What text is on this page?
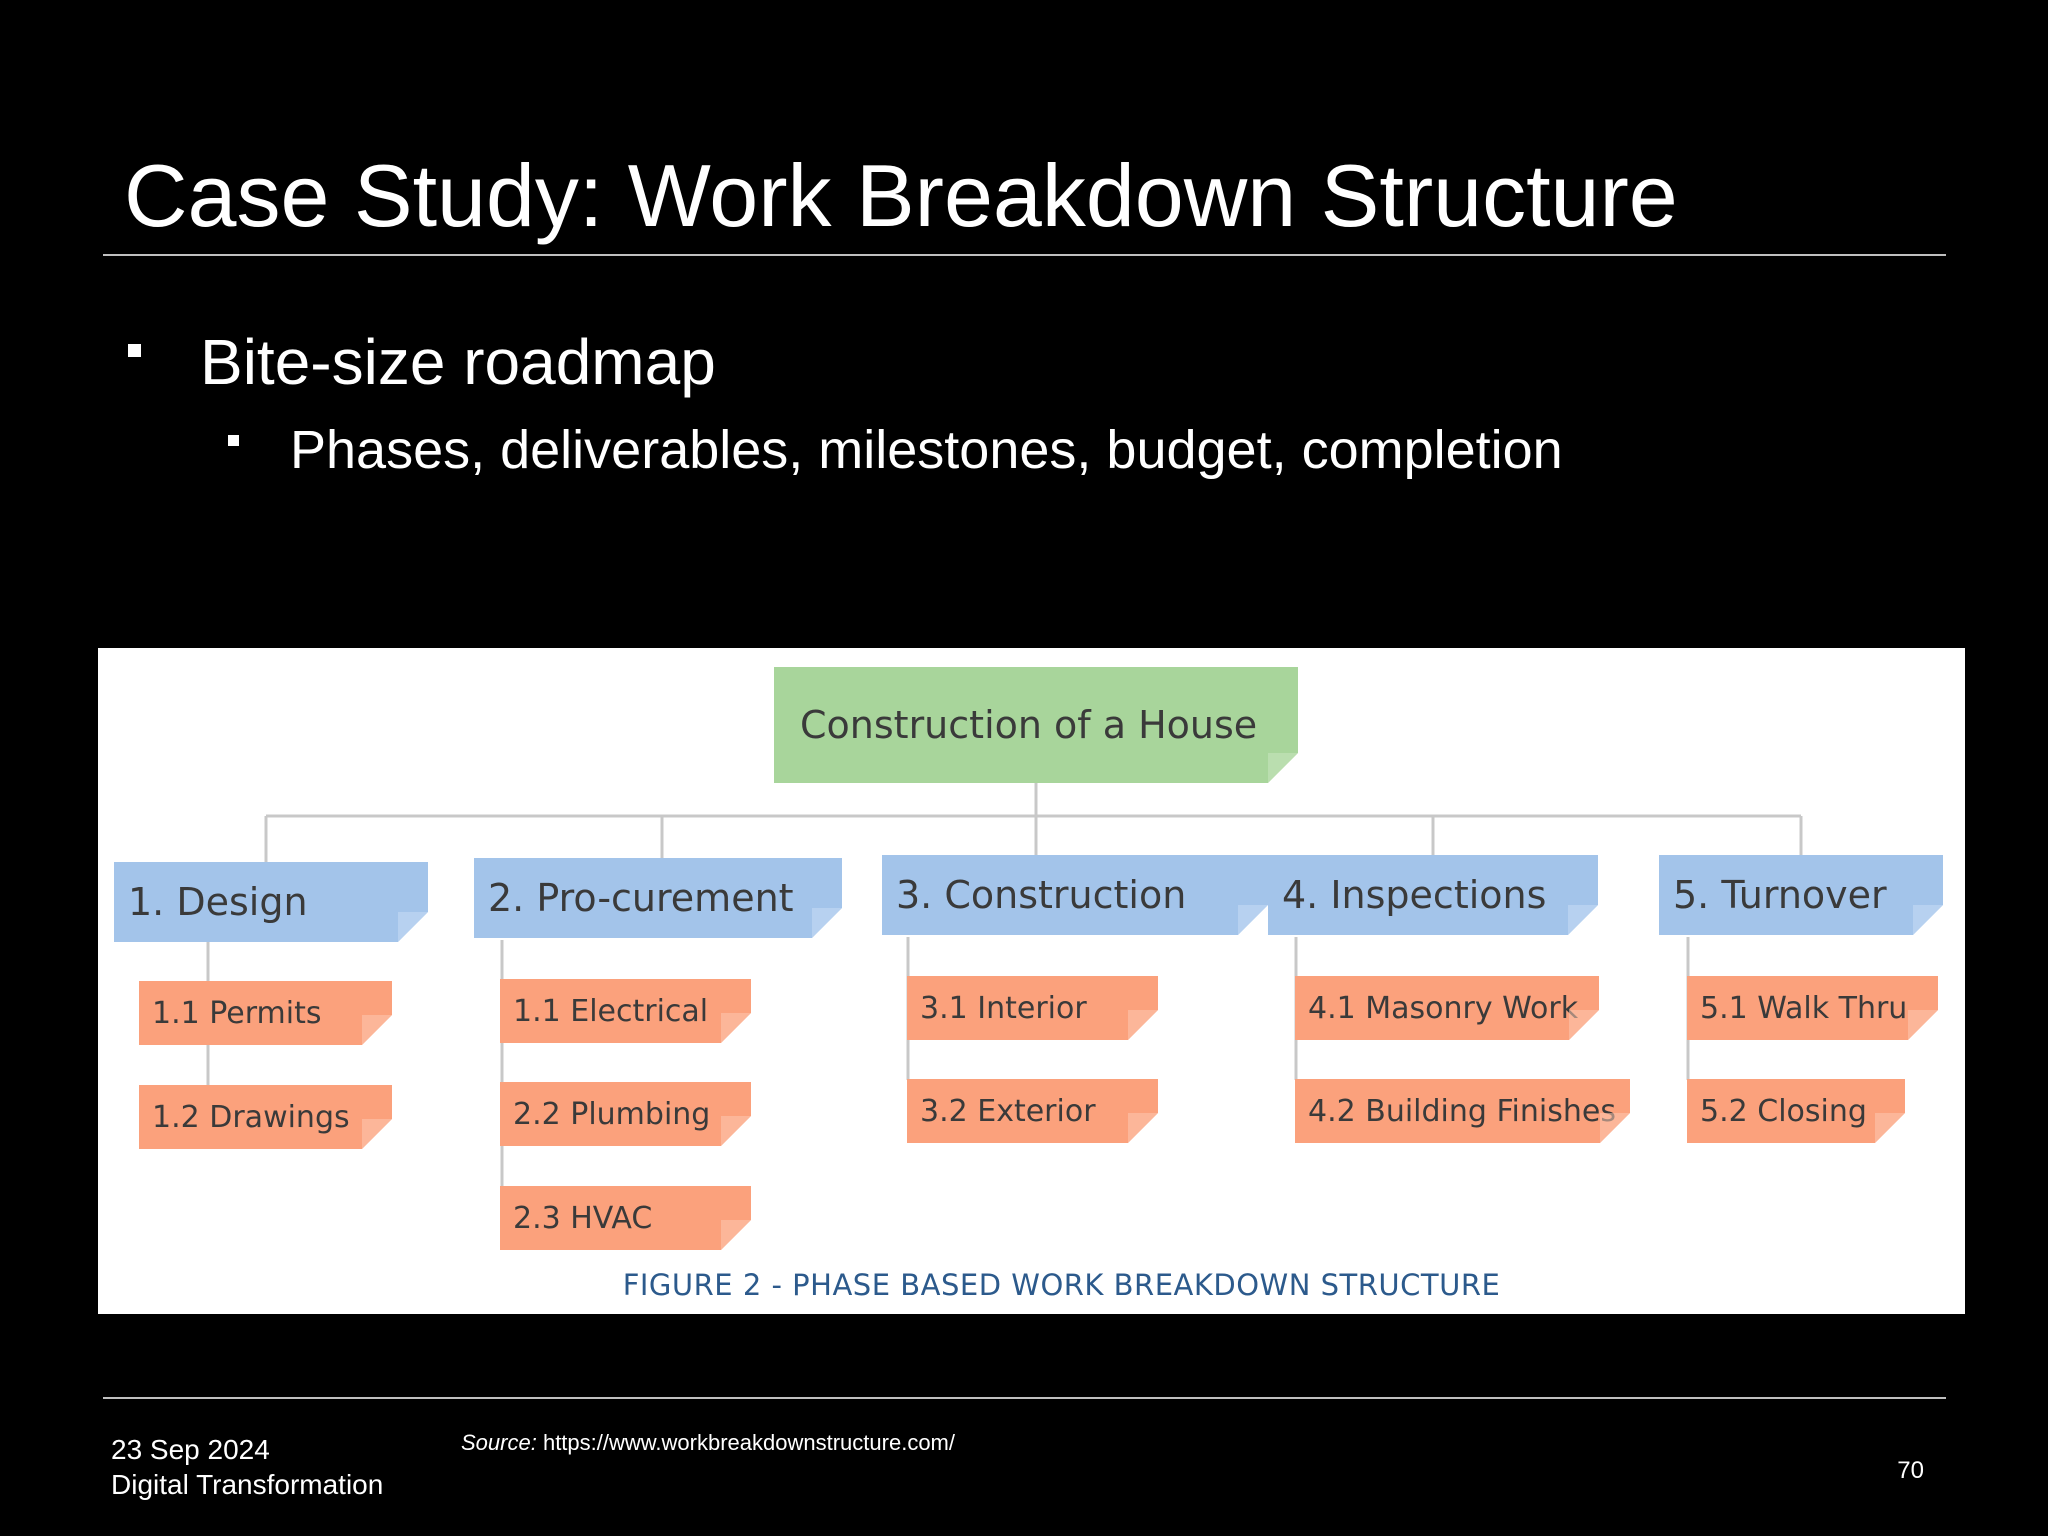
Case Study: Work Breakdown Structure
Bite-size roadmap
Phases, deliverables, milestones, budget, completion
Construction of a House
1. Design	2. Pro-curement	3. Construction	4. Inspections	5. Turnover
1.1 Permits
1.2 Drawings
1.1 Electrical
2.2 Plumbing
2.3 HVAC
3.1 Interior
3.2 Exterior
4.1 Masonry Work
4.2 Building Finishes
5.1 Walk Thru
5.2 Closing
FIGURE 2 - PHASE BASED WORK BREAKDOWN STRUCTURE
23 Sep 2024
Digital Transformation
Source: https://www.workbreakdownstructure.com/
70
